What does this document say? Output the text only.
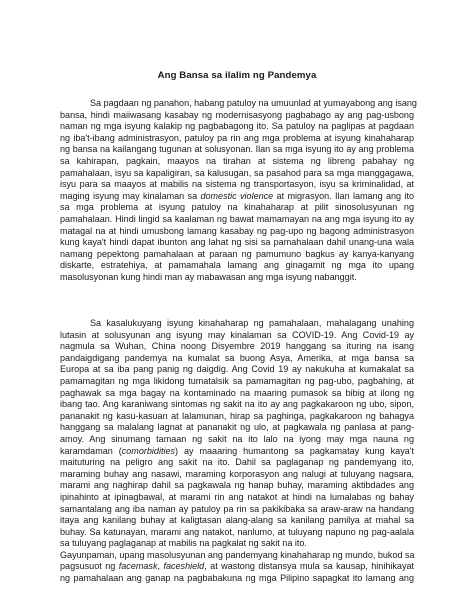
Ang Bansa sa ilalim ng Pandemya
Sa pagdaan ng panahon, habang patuloy na umuunlad at yumayabong ang isang
bansa, hindi maiiwasang kasabay ng modernisasyong pagbabago ay ang pag-usbong
naman ng mga isyung kalakip ng pagbabagong ito. Sa patuloy na paglipas at pagdaan
ng iba't-ibang administrasyon, patuloy pa rin ang mga problema at isyung kinahaharap
ng bansa na kailangang tugunan at solusyonan. Ilan sa mga isyung ito ay ang problema
sa kahirapan, pagkain, maayos na tirahan at sistema ng libreng pabahay ng
pamahalaan, isyu sa kapaligiran, sa kalusugan, sa pasahod para sa mga manggagawa,
isyu para sa maayos at mabilis na sistema ng transportasyon, isyu sa kriminalidad, at
maging isyung may kinalaman sa domestic violence at migrasyon. Ilan lamang ang ito
sa mga problema at isyung patuloy na kinahaharap at pilit sinosolusyunan ng
pamahalaan. Hindi lingid sa kaalaman ng bawat mamamayan na ang mga isyung ito ay
matagal na at hindi umusbong lamang kasabay ng pag-upo ng bagong administrasyon
kung kaya't hindi dapat ibunton ang lahat ng sisi sa pamahalaan dahil unang-una wala
namang pepektong pamahalaan at paraan ng pamumuno bagkus ay kanya-kanyang
diskarte, estratehiya, at pamamahala lamang ang ginagamit ng mga ito upang
masolusyonan kung hindi man ay mabawasan ang mga isyung nabanggit.
Sa kasalukuyang isyung kinahaharap ng pamahalaan, mahalagang unahing
lutasin at solusyunan ang isyung may kinalaman sa COVID-19. Ang Covid-19 ay
nagmula sa Wuhan, China noong Disyembre 2019 hanggang sa ituring na isang
pandaigdigang pandemya na kumalat sa buong Asya, Amerika, at mga bansa sa
Europa at sa iba pang panig ng daigdig. Ang Covid 19 ay nakukuha at kumakalat sa
pamamagitan ng mga likidong tumatalsik sa pamamagitan ng pag-ubo, pagbahing, at
paghawak sa mga bagay na kontaminado na maaring pumasok sa bibig at ilong ng
ibang tao. Ang karaniwang sintomas ng sakit na ito ay ang pagkakaroon ng ubo, sipon,
pananakit ng kasu-kasuan at lalamunan, hirap sa paghinga, pagkakaroon ng bahagya
hanggang sa malalang lagnat at pananakit ng ulo, at pagkawala ng panlasa at pang-
amoy. Ang sinumang tamaan ng sakit na ito lalo na iyong may mga nauna ng
karamdaman (comorbidities) ay maaaring humantong sa pagkamatay kung kaya't
maituturing na peligro ang sakit na ito. Dahil sa paglaganap ng pandemyang ito,
maraming buhay ang nasawi, maraming korporasyon ang nalugi at tuluyang nagsara,
marami ang naghirap dahil sa pagkawala ng hanap buhay, maraming aktibdades ang
ipinahinto at ipinagbawal, at marami rin ang natakot at hindi na lumalabas ng bahay
samantalang ang iba naman ay patuloy pa rin sa pakikibaka sa araw-araw na handang
itaya ang kanilang buhay at kaligtasan alang-alang sa kanilang pamilya at mahal sa
buhay. Sa katunayan, marami ang natakot, nanlumo, at tuluyang napuno ng pag-aalala
sa tuluyang paglaganap at mabilis na pagkalat ng sakit na ito.
Gayunpaman, upang masolusyunan ang pandemyang kinahaharap ng mundo, bukod sa
pagsusuot ng facemask, faceshield, at wastong distansya mula sa kausap, hinihikayat
ng pamahalaan ang ganap na pagbabakuna ng mga Pilipino sapagkat ito lamang ang
